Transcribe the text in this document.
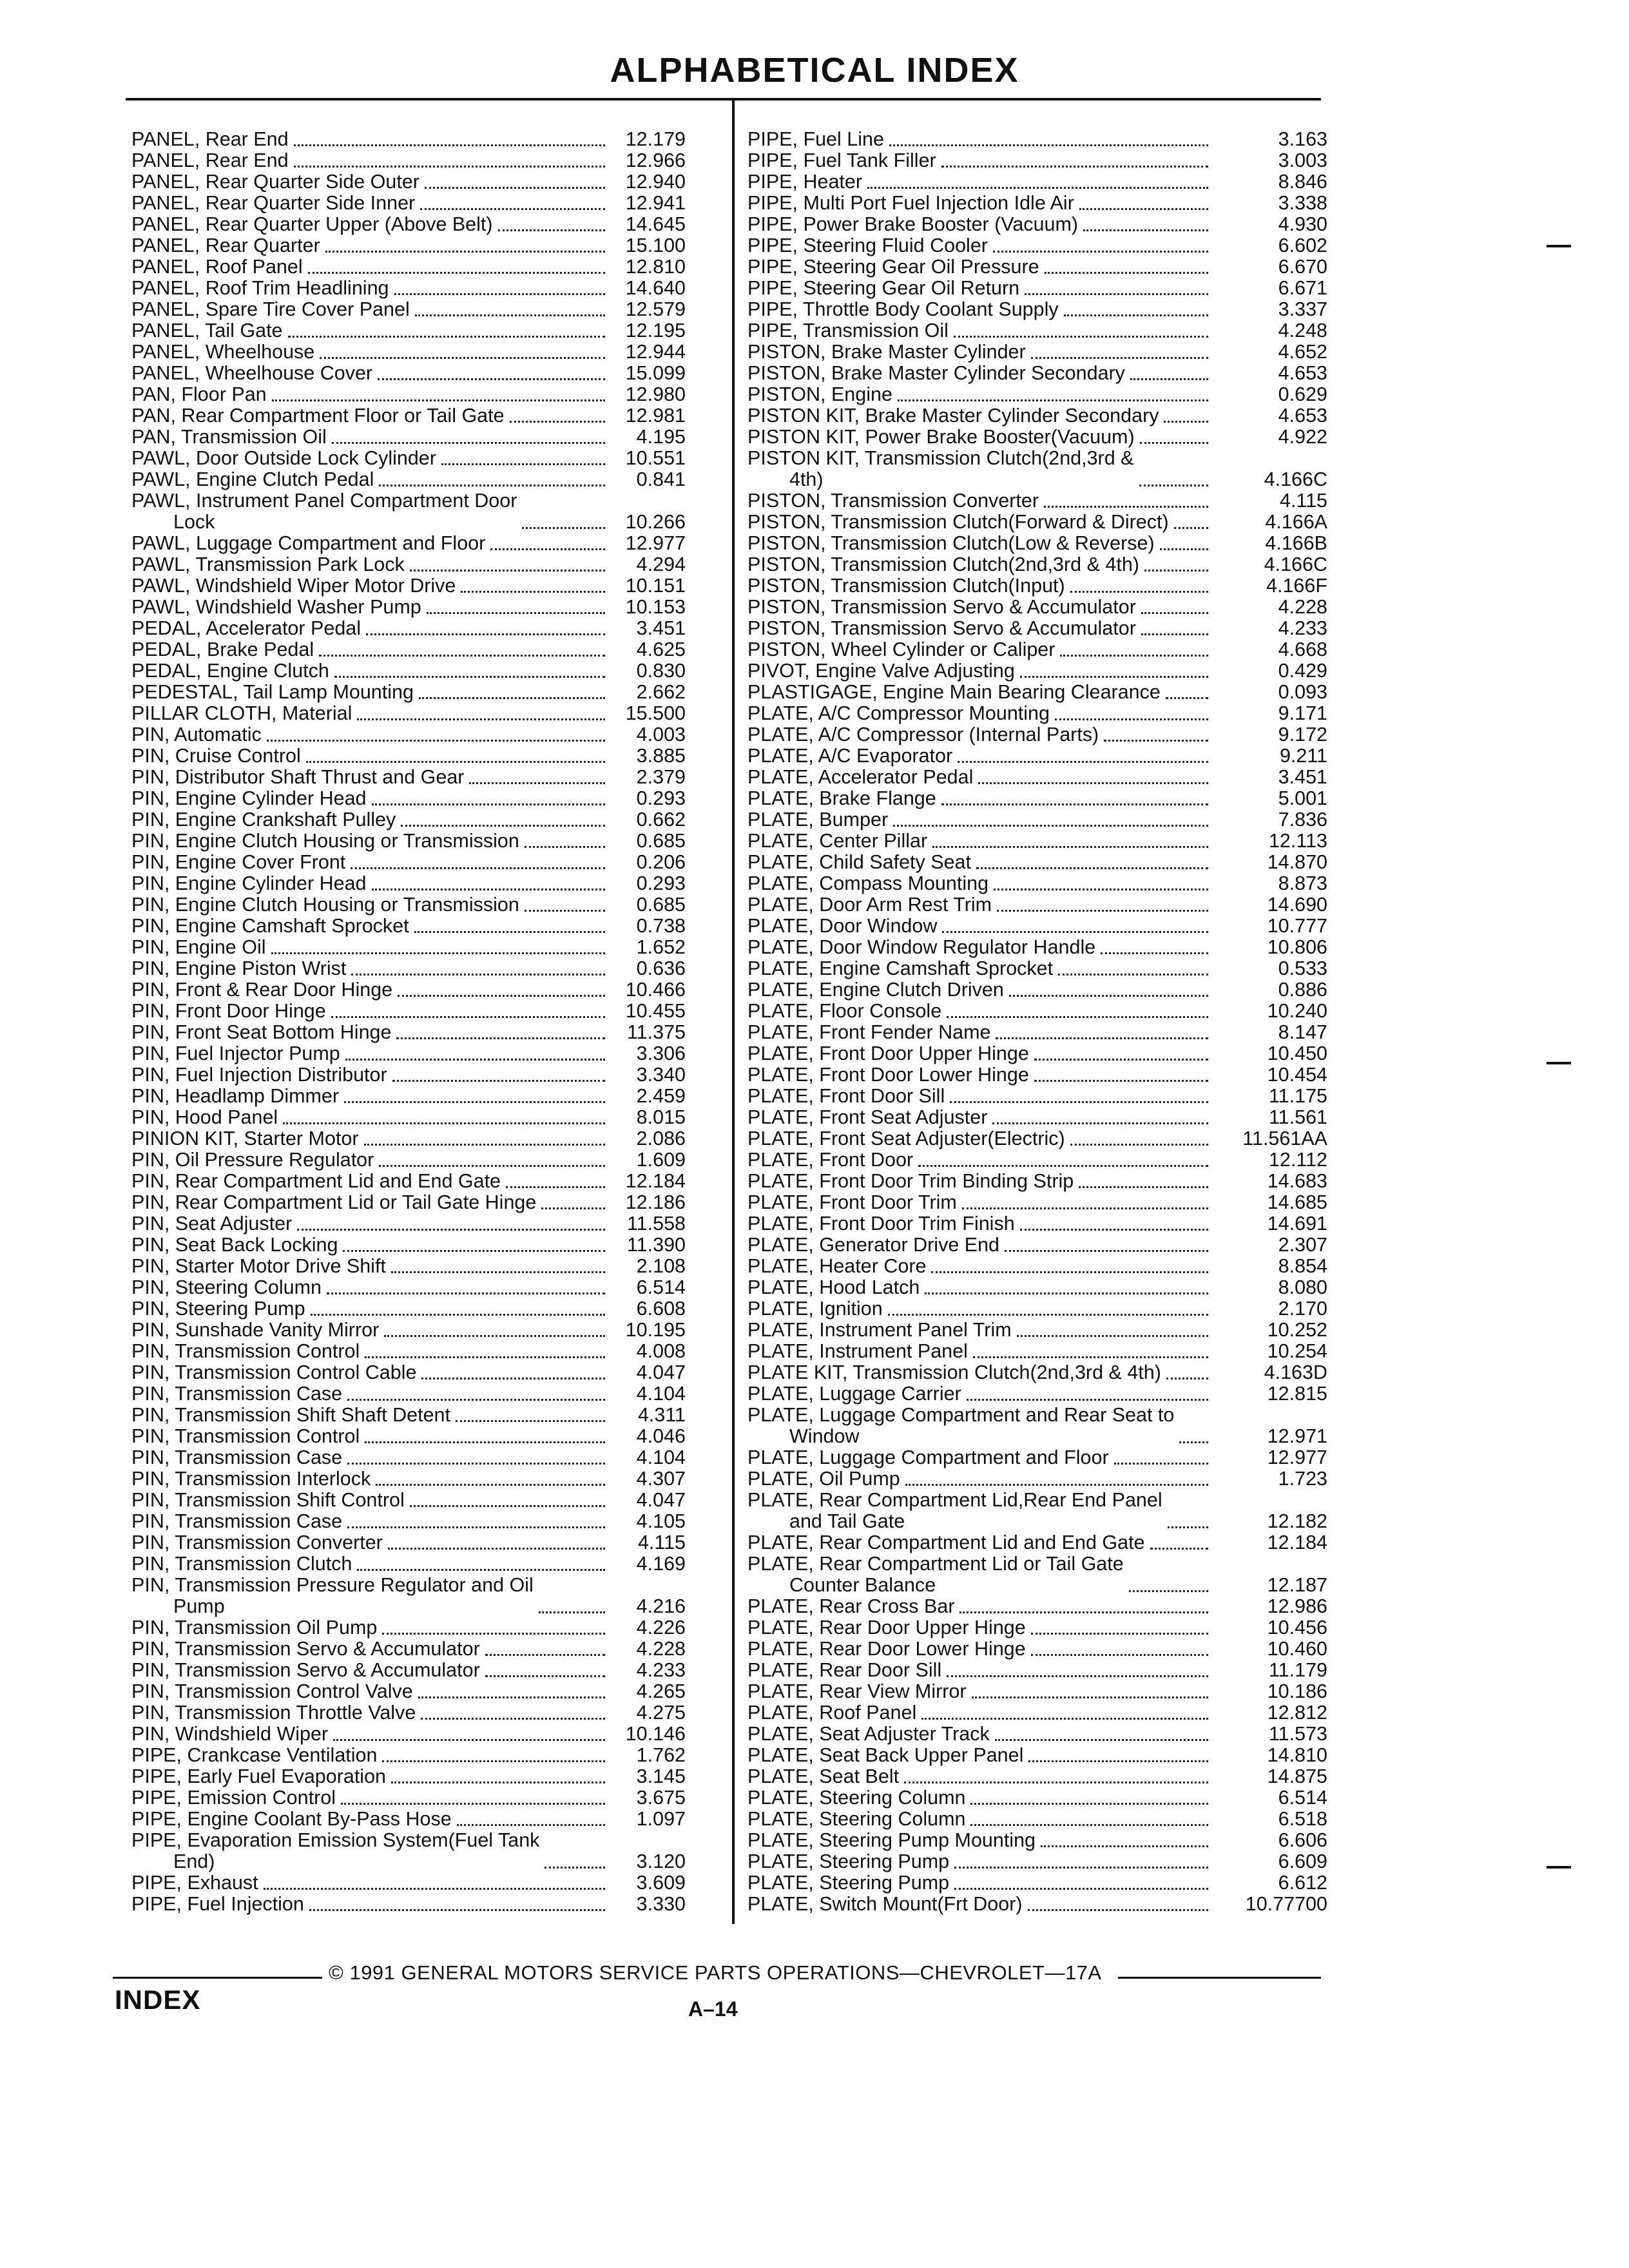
ALPHABETICAL INDEX
PANEL, Rear End	12.179
PANEL, Rear End	12.966
PANEL, Rear Quarter Side Outer	12.940
PANEL, Rear Quarter Side Inner	12.941
PANEL, Rear Quarter Upper (Above Belt)	14.645
PANEL, Rear Quarter	15.100
PANEL, Roof Panel	12.810
PANEL, Roof Trim Headlining	14.640
PANEL, Spare Tire Cover Panel	12.579
PANEL, Tail Gate	12.195
PANEL, Wheelhouse	12.944
PANEL, Wheelhouse Cover	15.099
PAN, Floor Pan	12.980
PAN, Rear Compartment Floor or Tail Gate	12.981
PAN, Transmission Oil	4.195
PAWL, Door Outside Lock Cylinder	10.551
PAWL, Engine Clutch Pedal	0.841
PAWL, Instrument Panel Compartment Door
Lock	10.266
PAWL, Luggage Compartment and Floor	12.977
PAWL, Transmission Park Lock	4.294
PAWL, Windshield Wiper Motor Drive	10.151
PAWL, Windshield Washer Pump	10.153
PEDAL, Accelerator Pedal	3.451
PEDAL, Brake Pedal	4.625
PEDAL, Engine Clutch	0.830
PEDESTAL, Tail Lamp Mounting	2.662
PILLAR CLOTH, Material	15.500
PIN, Automatic	4.003
PIN, Cruise Control	3.885
PIN, Distributor Shaft Thrust and Gear	2.379
PIN, Engine Cylinder Head	0.293
PIN, Engine Crankshaft Pulley	0.662
PIN, Engine Clutch Housing or Transmission	0.685
PIN, Engine Cover Front	0.206
PIN, Engine Cylinder Head	0.293
PIN, Engine Clutch Housing or Transmission	0.685
PIN, Engine Camshaft Sprocket	0.738
PIN, Engine Oil	1.652
PIN, Engine Piston Wrist	0.636
PIN, Front & Rear Door Hinge	10.466
PIN, Front Door Hinge	10.455
PIN, Front Seat Bottom Hinge	11.375
PIN, Fuel Injector Pump	3.306
PIN, Fuel Injection Distributor	3.340
PIN, Headlamp Dimmer	2.459
PIN, Hood Panel	8.015
PINION KIT, Starter Motor	2.086
PIN, Oil Pressure Regulator	1.609
PIN, Rear Compartment Lid and End Gate	12.184
PIN, Rear Compartment Lid or Tail Gate Hinge	12.186
PIN, Seat Adjuster	11.558
PIN, Seat Back Locking	11.390
PIN, Starter Motor Drive Shift	2.108
PIN, Steering Column	6.514
PIN, Steering Pump	6.608
PIN, Sunshade Vanity Mirror	10.195
PIN, Transmission Control	4.008
PIN, Transmission Control Cable	4.047
PIN, Transmission Case	4.104
PIN, Transmission Shift Shaft Detent	4.311
PIN, Transmission Control	4.046
PIN, Transmission Case	4.104
PIN, Transmission Interlock	4.307
PIN, Transmission Shift Control	4.047
PIN, Transmission Case	4.105
PIN, Transmission Converter	4.115
PIN, Transmission Clutch	4.169
PIN, Transmission Pressure Regulator and Oil
Pump	4.216
PIN, Transmission Oil Pump	4.226
PIN, Transmission Servo & Accumulator	4.228
PIN, Transmission Servo & Accumulator	4.233
PIN, Transmission Control Valve	4.265
PIN, Transmission Throttle Valve	4.275
PIN, Windshield Wiper	10.146
PIPE, Crankcase Ventilation	1.762
PIPE, Early Fuel Evaporation	3.145
PIPE, Emission Control	3.675
PIPE, Engine Coolant By-Pass Hose	1.097
PIPE, Evaporation Emission System(Fuel Tank
End)	3.120
PIPE, Exhaust	3.609
PIPE, Fuel Injection	3.330
PIPE, Fuel Line	3.163
PIPE, Fuel Tank Filler	3.003
PIPE, Heater	8.846
PIPE, Multi Port Fuel Injection Idle Air	3.338
PIPE, Power Brake Booster (Vacuum)	4.930
PIPE, Steering Fluid Cooler	6.602
PIPE, Steering Gear Oil Pressure	6.670
PIPE, Steering Gear Oil Return	6.671
PIPE, Throttle Body Coolant Supply	3.337
PIPE, Transmission Oil	4.248
PISTON, Brake Master Cylinder	4.652
PISTON, Brake Master Cylinder Secondary	4.653
PISTON, Engine	0.629
PISTON KIT, Brake Master Cylinder Secondary	4.653
PISTON KIT, Power Brake Booster(Vacuum)	4.922
PISTON KIT, Transmission Clutch(2nd,3rd &
4th)	4.166C
PISTON, Transmission Converter	4.115
PISTON, Transmission Clutch(Forward & Direct)	4.166A
PISTON, Transmission Clutch(Low & Reverse)	4.166B
PISTON, Transmission Clutch(2nd,3rd & 4th)	4.166C
PISTON, Transmission Clutch(Input)	4.166F
PISTON, Transmission Servo & Accumulator	4.228
PISTON, Transmission Servo & Accumulator	4.233
PISTON, Wheel Cylinder or Caliper	4.668
PIVOT, Engine Valve Adjusting	0.429
PLASTIGAGE, Engine Main Bearing Clearance	0.093
PLATE, A/C Compressor Mounting	9.171
PLATE, A/C Compressor (Internal Parts)	9.172
PLATE, A/C Evaporator	9.211
PLATE, Accelerator Pedal	3.451
PLATE, Brake Flange	5.001
PLATE, Bumper	7.836
PLATE, Center Pillar	12.113
PLATE, Child Safety Seat	14.870
PLATE, Compass Mounting	8.873
PLATE, Door Arm Rest Trim	14.690
PLATE, Door Window	10.777
PLATE, Door Window Regulator Handle	10.806
PLATE, Engine Camshaft Sprocket	0.533
PLATE, Engine Clutch Driven	0.886
PLATE, Floor Console	10.240
PLATE, Front Fender Name	8.147
PLATE, Front Door Upper Hinge	10.450
PLATE, Front Door Lower Hinge	10.454
PLATE, Front Door Sill	11.175
PLATE, Front Seat Adjuster	11.561
PLATE, Front Seat Adjuster(Electric)	11.561AA
PLATE, Front Door	12.112
PLATE, Front Door Trim Binding Strip	14.683
PLATE, Front Door Trim	14.685
PLATE, Front Door Trim Finish	14.691
PLATE, Generator Drive End	2.307
PLATE, Heater Core	8.854
PLATE, Hood Latch	8.080
PLATE, Ignition	2.170
PLATE, Instrument Panel Trim	10.252
PLATE, Instrument Panel	10.254
PLATE KIT, Transmission Clutch(2nd,3rd & 4th)	4.163D
PLATE, Luggage Carrier	12.815
PLATE, Luggage Compartment and Rear Seat to
Window	12.971
PLATE, Luggage Compartment and Floor	12.977
PLATE, Oil Pump	1.723
PLATE, Rear Compartment Lid,Rear End Panel
and Tail Gate	12.182
PLATE, Rear Compartment Lid and End Gate	12.184
PLATE, Rear Compartment Lid or Tail Gate
Counter Balance	12.187
PLATE, Rear Cross Bar	12.986
PLATE, Rear Door Upper Hinge	10.456
PLATE, Rear Door Lower Hinge	10.460
PLATE, Rear Door Sill	11.179
PLATE, Rear View Mirror	10.186
PLATE, Roof Panel	12.812
PLATE, Seat Adjuster Track	11.573
PLATE, Seat Back Upper Panel	14.810
PLATE, Seat Belt	14.875
PLATE, Steering Column	6.514
PLATE, Steering Column	6.518
PLATE, Steering Pump Mounting	6.606
PLATE, Steering Pump	6.609
PLATE, Steering Pump	6.612
PLATE, Switch Mount(Frt Door)	10.77700
© 1991 GENERAL MOTORS SERVICE PARTS OPERATIONS—CHEVROLET—17A
INDEX	A–14
